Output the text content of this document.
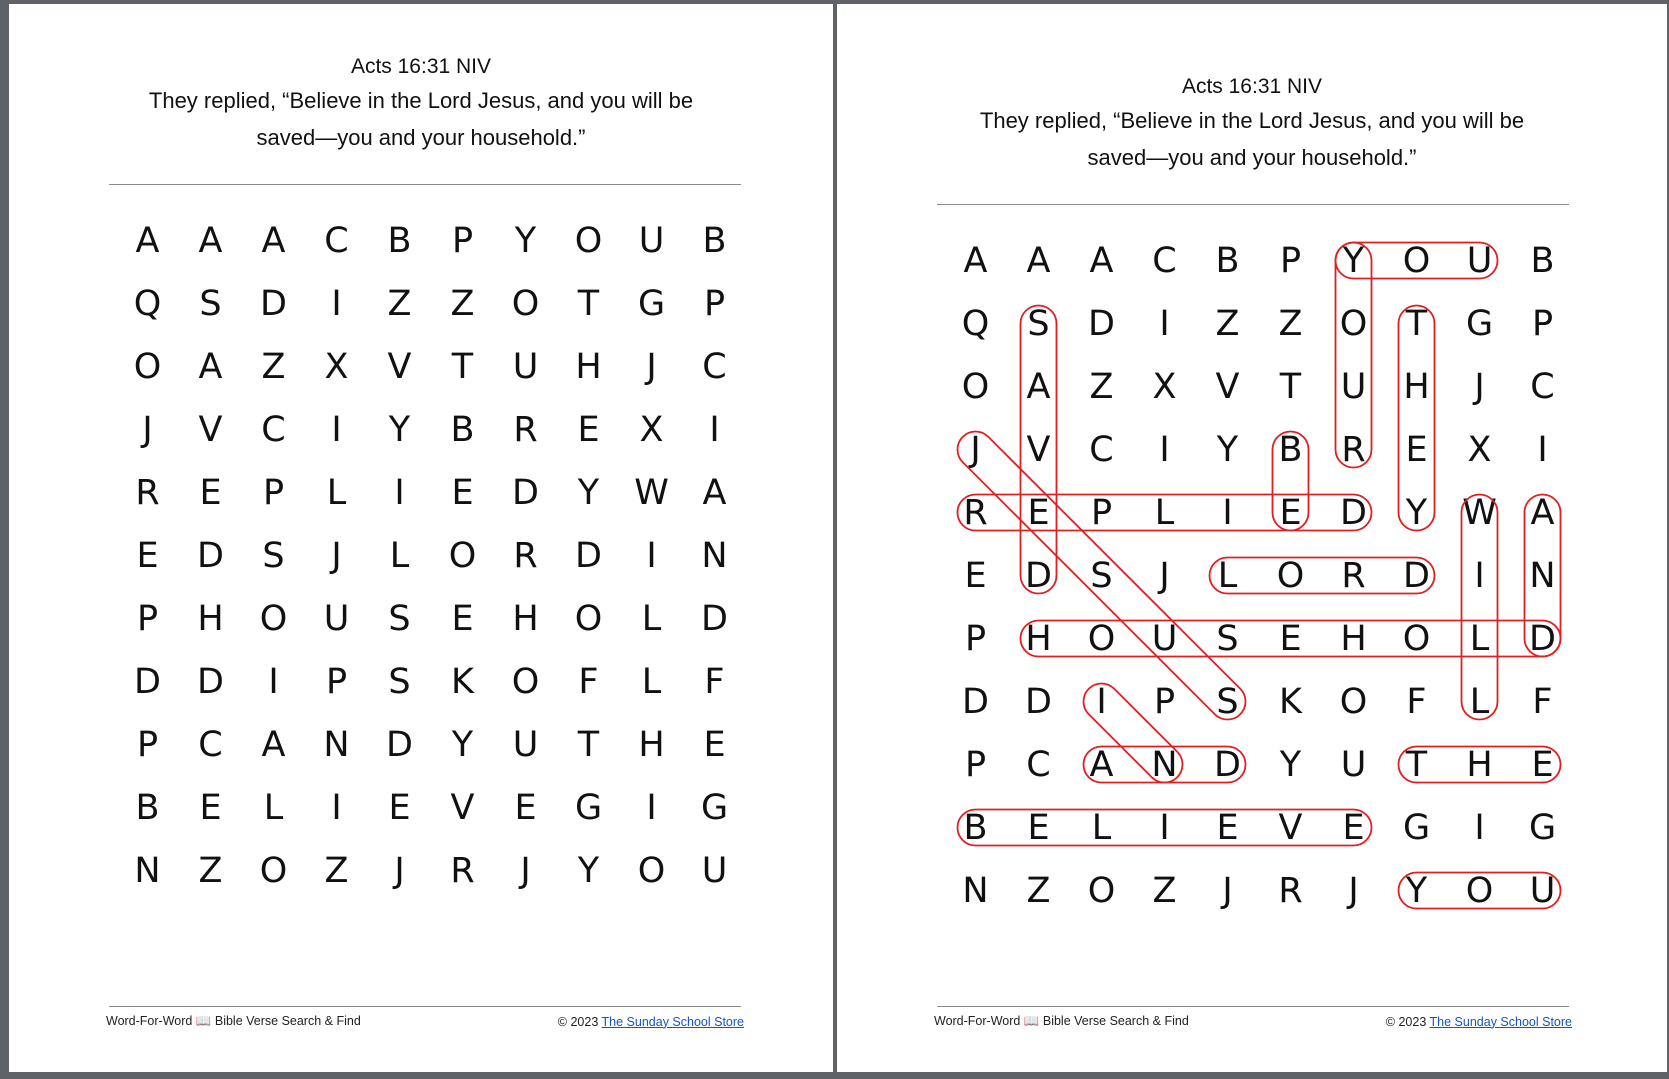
Acts 16:31 NIV
They replied, “Believe in the Lord Jesus, and you will be
saved—you and your household.”
A	A	A	C	B	P	Y	O	U	B
Q	S	D	I	Z	Z	O	T	G	P
O	A	Z	X	V	T	U	H	J	C
J	V	C	I	Y	B	R	E	X	I
R	E	P	L	I	E	D	Y	W A
E	D	S	J	L	O	R	D	I	N
P	H	O	U	S	E	H	O	L	D
D	D	I	P	S	K	O	F	L	F
P	C	A	N	D	Y	U	T	H	E
B	E	L	I	E	V	E	G	I	G
N	Z	O	Z	J	R	J	Y	O	U
Word-For-Word 📖 Bible Verse Search & Find	© 2023 The Sunday School Store
Acts 16:31 NIV
They replied, “Believe in the Lord Jesus, and you will be
saved—you and your household.”
A	A	A	C	B	P	Y	O	U	B
Q	S	D	I	Z	Z	O	T	G	P
O	A	Z	X	V	T	U	H	J	C
J	V	C	I	Y	B	R	E	X	I
R	E	P	L	I	E	D	Y	W A
E	D	S	J	L	O	R	D	I	N
P	H	O	U	S	E	H	O	L	D
D	D	I	P	S	K	O	F	L	F
P	C	A	N	D	Y	U	T	H	E
B	E	L	I	E	V	E	G	I	G
N	Z	O	Z	J	R	J	Y	O	U
Word-For-Word 📖 Bible Verse Search & Find	© 2023 The Sunday School Store
